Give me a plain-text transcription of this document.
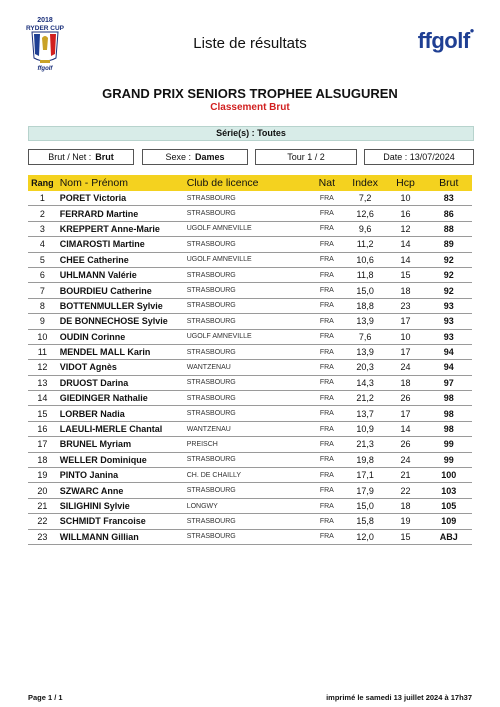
2018
RYDER CUP
ffgolf
Liste de résultats	ffgolf●
GRAND PRIX SENIORS TROPHEE ALSUGUREN
Classement Brut
Série(s) : Toutes
Brut / Net : Brut	Sexe : Dames	Tour 1 / 2	Date : 13/07/2024
Rang	Nom - Prénom	Club de licence	Nat	Index	Hcp	Brut
1	PORET Victoria	STRASBOURG	FRA	7,2	10	83
2	FERRARD Martine	STRASBOURG	FRA	12,6	16	86
3	KREPPERT Anne-Marie	UGOLF AMNEVILLE	FRA	9,6	12	88
4	CIMAROSTI Martine	STRASBOURG	FRA	11,2	14	89
5	CHEE Catherine	UGOLF AMNEVILLE	FRA	10,6	14	92
6	UHLMANN Valérie	STRASBOURG	FRA	11,8	15	92
7	BOURDIEU Catherine	STRASBOURG	FRA	15,0	18	92
8	BOTTENMULLER Sylvie	STRASBOURG	FRA	18,8	23	93
9	DE BONNECHOSE Sylvie	STRASBOURG	FRA	13,9	17	93
10	OUDIN Corinne	UGOLF AMNEVILLE	FRA	7,6	10	93
11	MENDEL MALL Karin	STRASBOURG	FRA	13,9	17	94
12	VIDOT Agnès	WANTZENAU	FRA	20,3	24	94
13	DRUOST Darina	STRASBOURG	FRA	14,3	18	97
14	GIEDINGER Nathalie	STRASBOURG	FRA	21,2	26	98
15	LORBER Nadia	STRASBOURG	FRA	13,7	17	98
16	LAEULI-MERLE Chantal	WANTZENAU	FRA	10,9	14	98
17	BRUNEL Myriam	PREISCH	FRA	21,3	26	99
18	WELLER Dominique	STRASBOURG	FRA	19,8	24	99
19	PINTO Janina	CH. DE CHAILLY	FRA	17,1	21	100
20	SZWARC Anne	STRASBOURG	FRA	17,9	22	103
21	SILIGHINI Sylvie	LONGWY	FRA	15,0	18	105
22	SCHMIDT Francoise	STRASBOURG	FRA	15,8	19	109
23	WILLMANN Gillian	STRASBOURG	FRA	12,0	15	ABJ
Page 1 / 1	imprimé le samedi 13 juillet 2024 à 17h37
